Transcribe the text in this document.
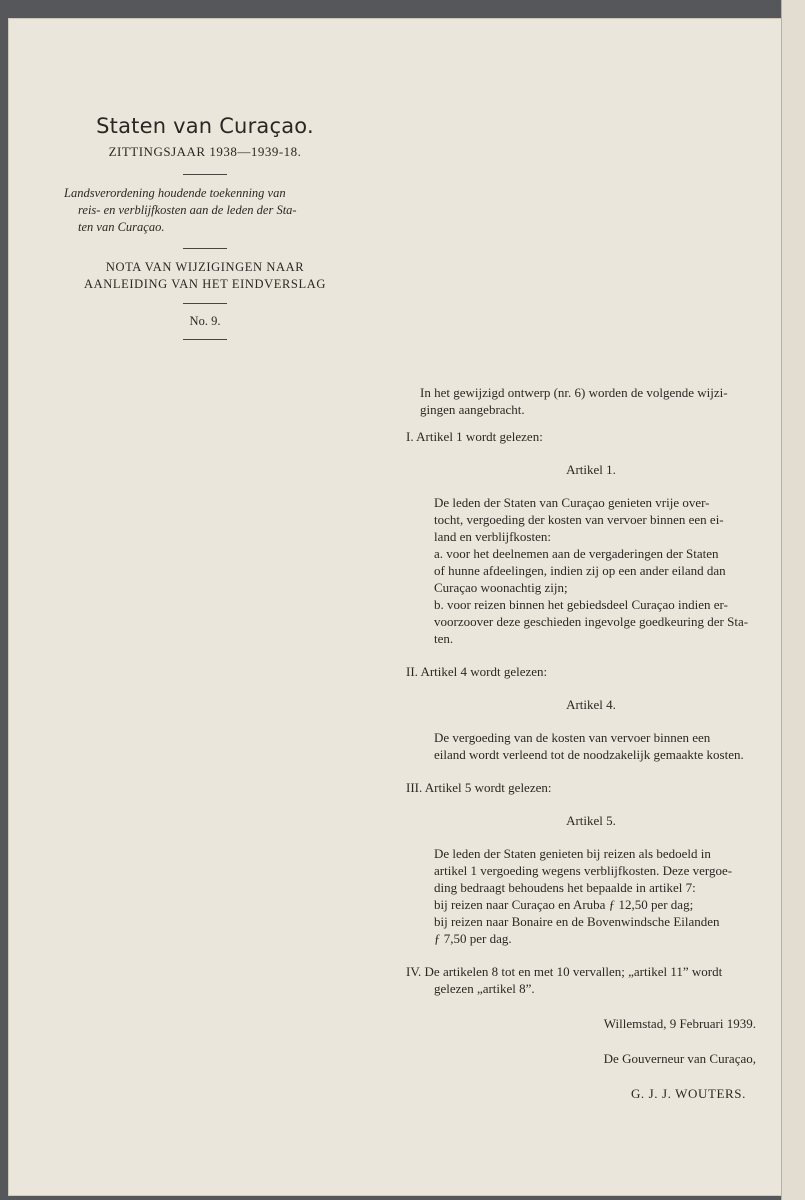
Staten van Curaçao.
ZITTINGSJAAR 1938—1939-18.
Landsverordening houdende toekenning van
reis- en verblijfkosten aan de leden der Sta-
ten van Curaçao.
NOTA VAN WIJZIGINGEN NAAR
AANLEIDING VAN HET EINDVERSLAG
No. 9.
In het gewijzigd ontwerp (nr. 6) worden de volgende wijzi-
gingen aangebracht.
I. Artikel 1 wordt gelezen:
Artikel 1.
De leden der Staten van Curaçao genieten vrije over-
tocht, vergoeding der kosten van vervoer binnen een ei-
land en verblijfkosten:
a. voor het deelnemen aan de vergaderingen der Staten
of hunne afdeelingen, indien zij op een ander eiland dan
Curaçao woonachtig zijn;
b. voor reizen binnen het gebiedsdeel Curaçao indien er-
voorzoover deze geschieden ingevolge goedkeuring der Sta-
ten.
II. Artikel 4 wordt gelezen:
Artikel 4.
De vergoeding van de kosten van vervoer binnen een
eiland wordt verleend tot de noodzakelijk gemaakte kosten.
III. Artikel 5 wordt gelezen:
Artikel 5.
De leden der Staten genieten bij reizen als bedoeld in
artikel 1 vergoeding wegens verblijfkosten. Deze vergoe-
ding bedraagt behoudens het bepaalde in artikel 7:
bij reizen naar Curaçao en Aruba ƒ 12,50 per dag;
bij reizen naar Bonaire en de Bovenwindsche Eilanden
ƒ 7,50 per dag.
IV. De artikelen 8 tot en met 10 vervallen; „artikel 11” wordt
gelezen „artikel 8”.
Willemstad, 9 Februari 1939.
De Gouverneur van Curaçao,
G. J. J. WOUTERS.
